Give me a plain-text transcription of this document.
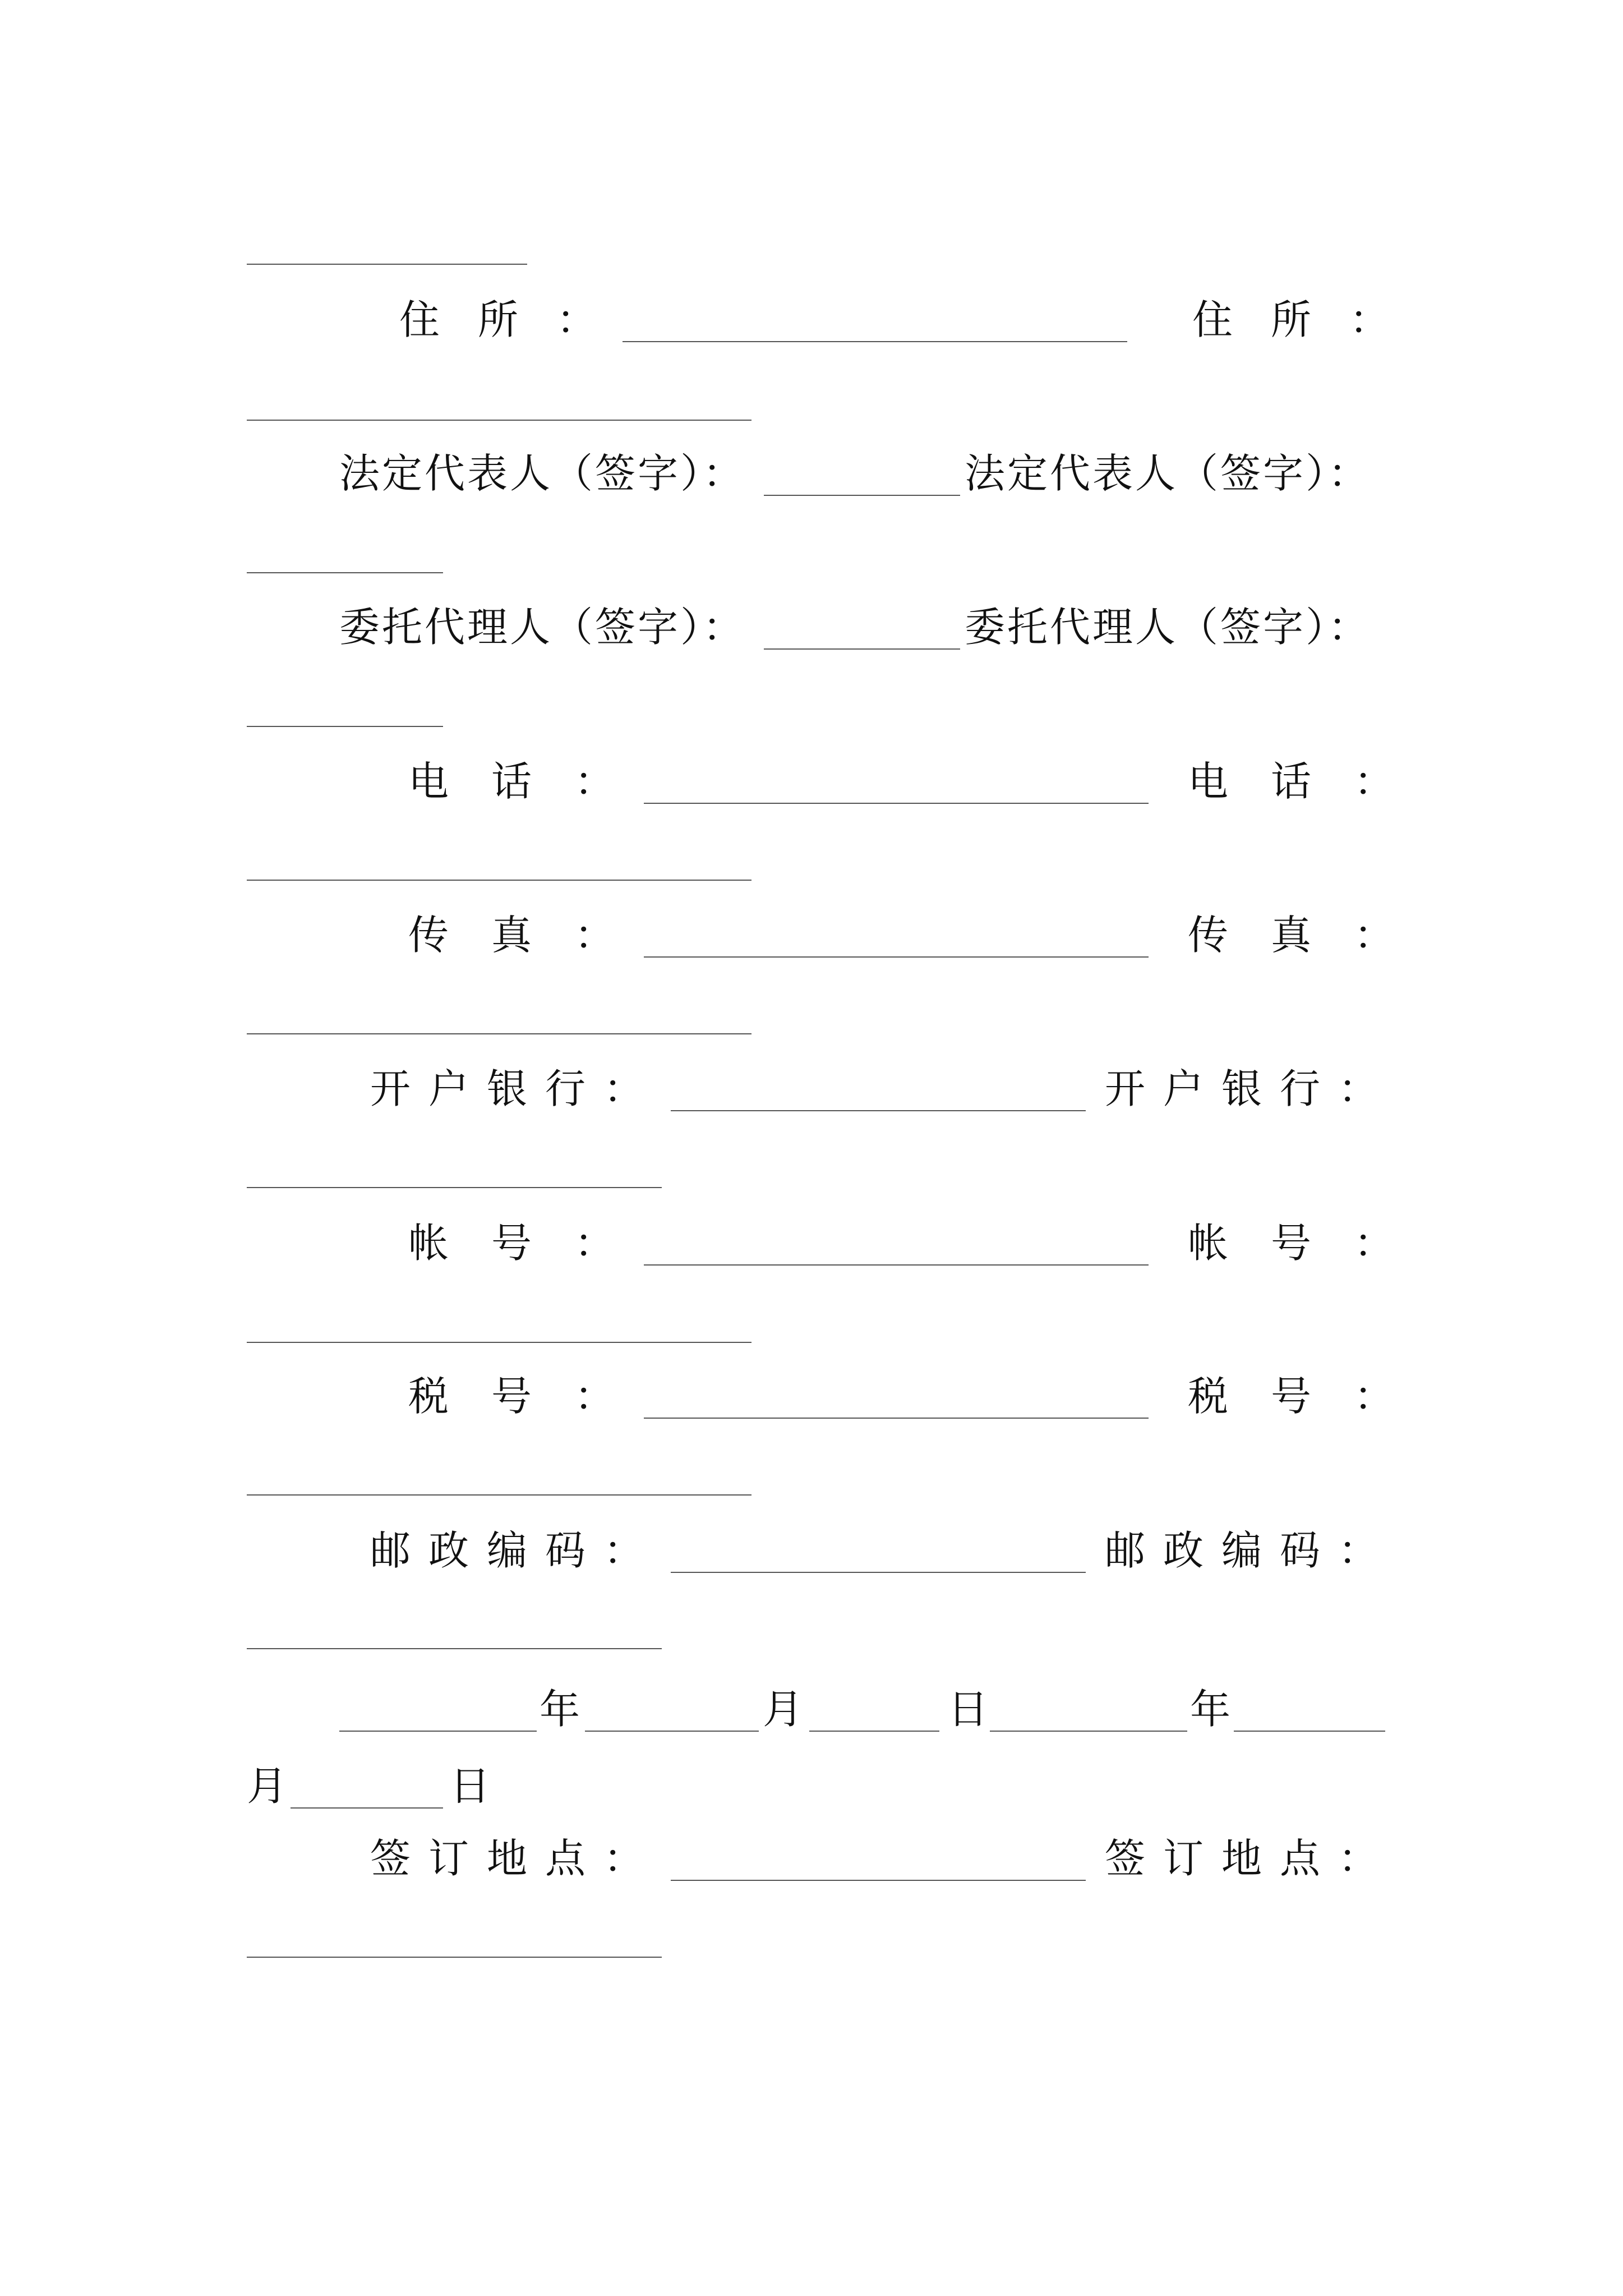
住所：	住所：
法定代表人（签字）：	法定代表人（签字）：
委托代理人（签字）：	委托代理人（签字）：
电话：	电话：
传真：	传真：
开户银行：	开户银行：
帐号：	帐号：
税号：	税号：
邮政编码：	邮政编码：
年	月	日	年
月	日
签订地点：	签订地点：
